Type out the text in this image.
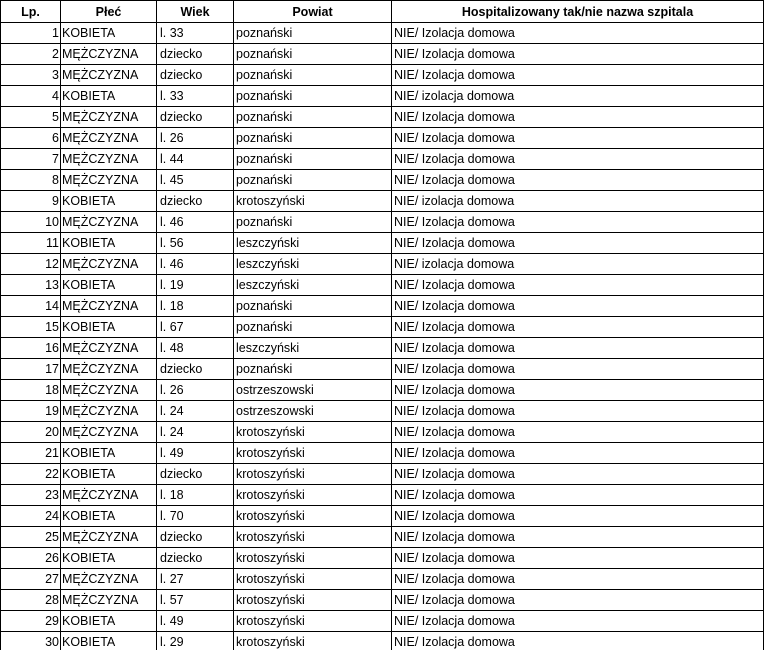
Lp.	Płeć	Wiek	Powiat	Hospitalizowany tak/nie nazwa szpitala
1	KOBIETA	l. 33	poznański	NIE/ Izolacja domowa
2	MĘŻCZYZNA	dziecko	poznański	NIE/ Izolacja domowa
3	MĘŻCZYZNA	dziecko	poznański	NIE/ Izolacja domowa
4	KOBIETA	l. 33	poznański	NIE/ izolacja domowa
5	MĘŻCZYZNA	dziecko	poznański	NIE/ Izolacja domowa
6	MĘŻCZYZNA	l. 26	poznański	NIE/ Izolacja domowa
7	MĘŻCZYZNA	l. 44	poznański	NIE/ Izolacja domowa
8	MĘŻCZYZNA	l. 45	poznański	NIE/ Izolacja domowa
9	KOBIETA	dziecko	krotoszyński	NIE/ izolacja domowa
10	MĘŻCZYZNA	l. 46	poznański	NIE/ Izolacja domowa
11	KOBIETA	l. 56	leszczyński	NIE/ Izolacja domowa
12	MĘŻCZYZNA	l. 46	leszczyński	NIE/ izolacja domowa
13	KOBIETA	l. 19	leszczyński	NIE/ Izolacja domowa
14	MĘŻCZYZNA	l. 18	poznański	NIE/ Izolacja domowa
15	KOBIETA	l. 67	poznański	NIE/ Izolacja domowa
16	MĘŻCZYZNA	l. 48	leszczyński	NIE/ Izolacja domowa
17	MĘŻCZYZNA	dziecko	poznański	NIE/ Izolacja domowa
18	MĘŻCZYZNA	l. 26	ostrzeszowski	NIE/ Izolacja domowa
19	MĘŻCZYZNA	l. 24	ostrzeszowski	NIE/ Izolacja domowa
20	MĘŻCZYZNA	l. 24	krotoszyński	NIE/ Izolacja domowa
21	KOBIETA	l. 49	krotoszyński	NIE/ Izolacja domowa
22	KOBIETA	dziecko	krotoszyński	NIE/ Izolacja domowa
23	MĘŻCZYZNA	l. 18	krotoszyński	NIE/ Izolacja domowa
24	KOBIETA	l. 70	krotoszyński	NIE/ Izolacja domowa
25	MĘŻCZYZNA	dziecko	krotoszyński	NIE/ Izolacja domowa
26	KOBIETA	dziecko	krotoszyński	NIE/ Izolacja domowa
27	MĘŻCZYZNA	l. 27	krotoszyński	NIE/ Izolacja domowa
28	MĘŻCZYZNA	l. 57	krotoszyński	NIE/ Izolacja domowa
29	KOBIETA	l. 49	krotoszyński	NIE/ Izolacja domowa
30	KOBIETA	l. 29	krotoszyński	NIE/ Izolacja domowa
